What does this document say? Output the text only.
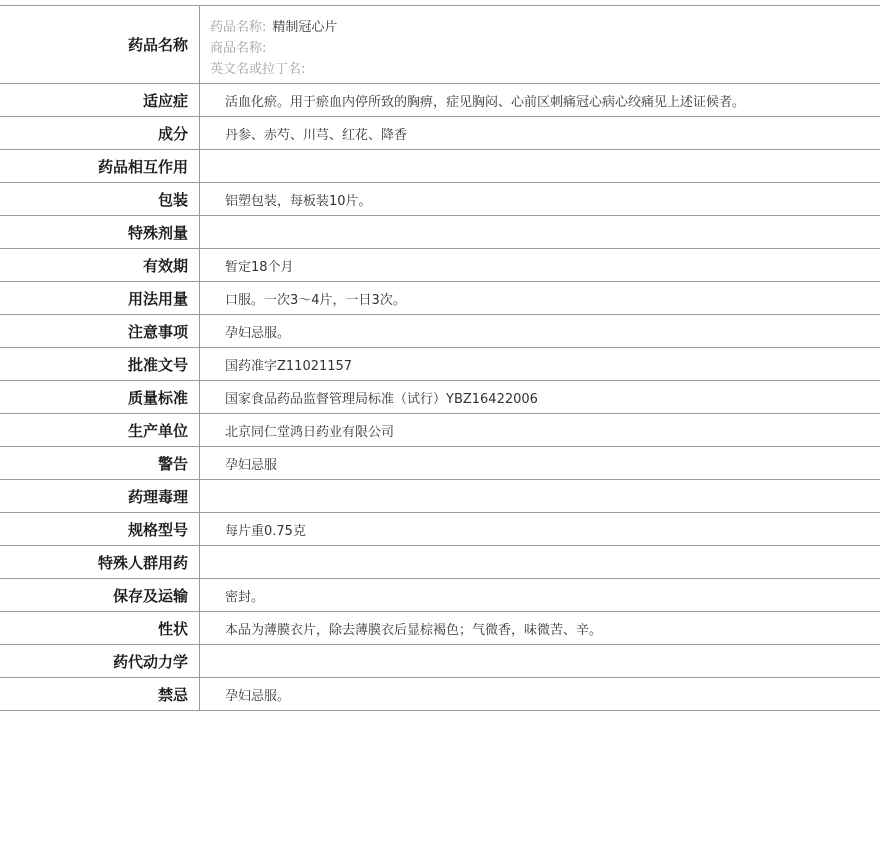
药品名称
药品名称: 精制冠心片
商品名称:
英文名或拉丁名:
适应症	活血化瘀。用于瘀血内停所致的胸痹，症见胸闷、心前区刺痛冠心病心绞痛见上述证候者。
成分	丹参、赤芍、川芎、红花、降香
药品相互作用
包装	铝塑包装，每板装10片。
特殊剂量
有效期	暂定18个月
用法用量	口服。一次3～4片，一日3次。
注意事项	孕妇忌服。
批准文号	国药准字Z11021157
质量标准	国家食品药品监督管理局标准（试行）YBZ16422006
生产单位	北京同仁堂鸿日药业有限公司
警告	孕妇忌服
药理毒理
规格型号	每片重0.75克
特殊人群用药
保存及运输	密封。
性状	本品为薄膜衣片，除去薄膜衣后显棕褐色；气微香，味微苦、辛。
药代动力学
禁忌	孕妇忌服。
